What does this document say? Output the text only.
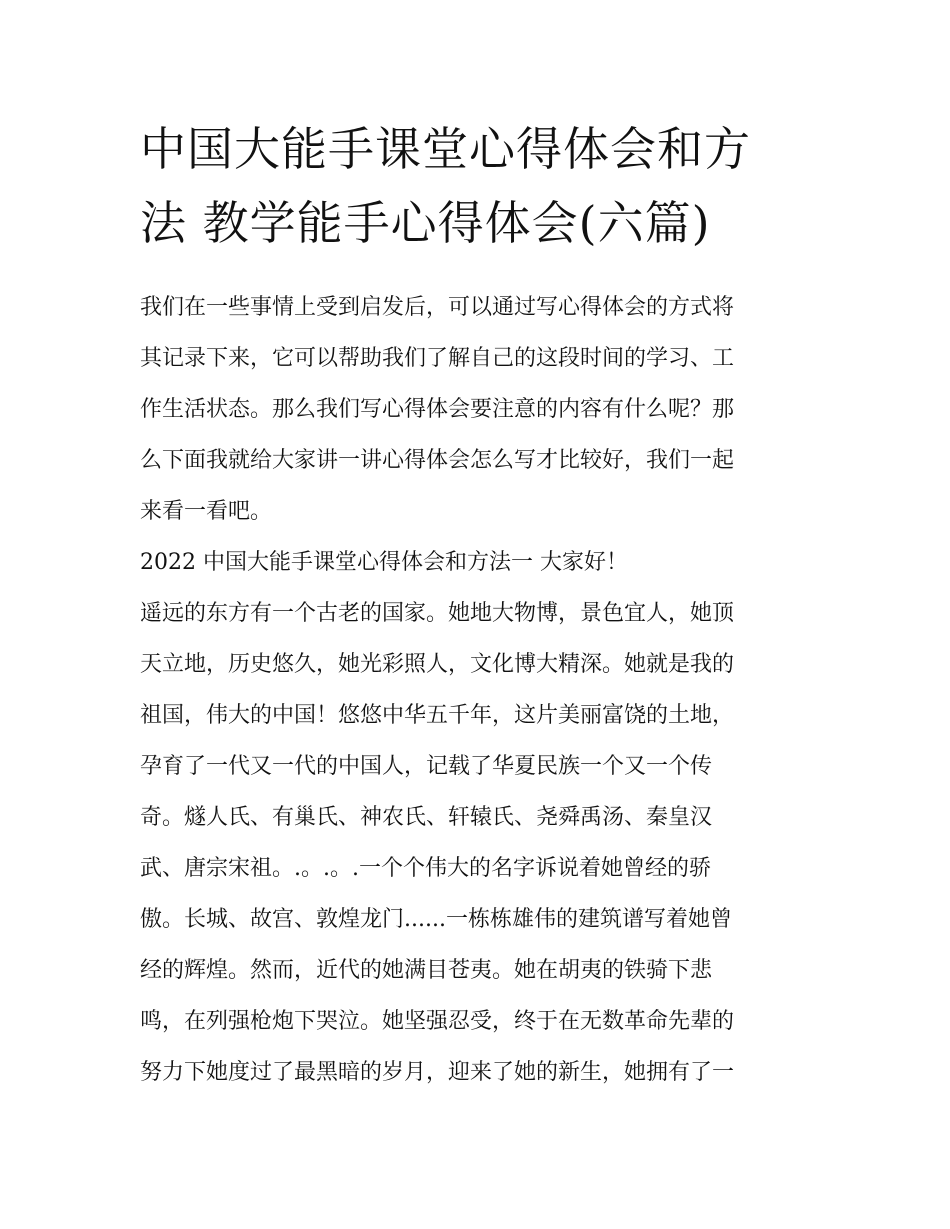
中国大能手课堂心得体会和方
法 教学能手心得体会(六篇)
我们在一些事情上受到启发后，可以通过写心得体会的方式将
其记录下来，它可以帮助我们了解自己的这段时间的学习、工
作生活状态。那么我们写心得体会要注意的内容有什么呢？那
么下面我就给大家讲一讲心得体会怎么写才比较好，我们一起
来看一看吧。
2022 中国大能手课堂心得体会和方法一 大家好！
遥远的东方有一个古老的国家。她地大物博，景色宜人，她顶
天立地，历史悠久，她光彩照人，文化博大精深。她就是我的
祖国，伟大的中国！悠悠中华五千年，这片美丽富饶的土地，
孕育了一代又一代的中国人，记载了华夏民族一个又一个传
奇。燧人氏、有巢氏、神农氏、轩辕氏、尧舜禹汤、秦皇汉
武、唐宗宋祖。.。.。.一个个伟大的名字诉说着她曾经的骄
傲。长城、故宫、敦煌龙门......一栋栋雄伟的建筑谱写着她曾
经的辉煌。然而，近代的她满目苍夷。她在胡夷的铁骑下悲
鸣，在列强枪炮下哭泣。她坚强忍受，终于在无数革命先辈的
努力下她度过了最黑暗的岁月，迎来了她的新生，她拥有了一
